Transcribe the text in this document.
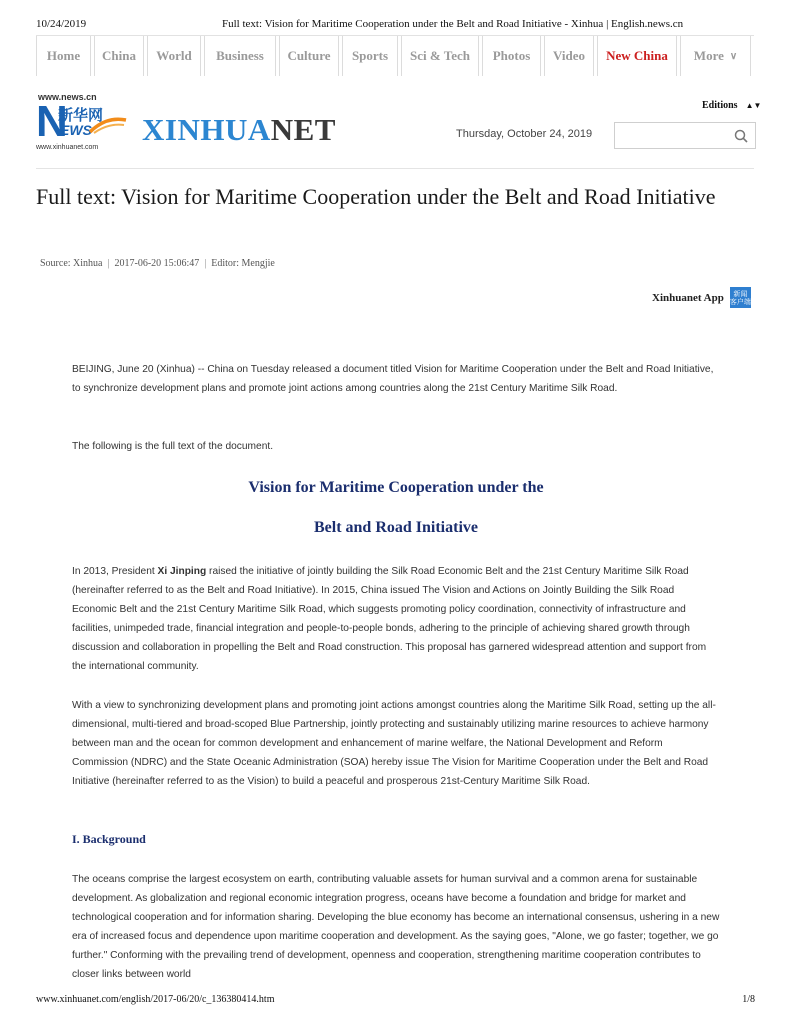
10/24/2019	Full text: Vision for Maritime Cooperation under the Belt and Road Initiative - Xinhua | English.news.cn
Home	China	World	Business	Culture	Sports	Sci & Tech	Photos	Video	New China	More ∨
www.news.cn
N
新华网
EWS
www.xinhuanet.com
XINHUANET	Thursday, October 24, 2019
Editions ▲▼
Full text: Vision for Maritime Cooperation under the Belt and Road Initiative
Source: Xinhua | 2017-06-20 15:06:47 | Editor: Mengjie
Xinhuanet App 新闻
客户端

BEIJING, June 20 (Xinhua) -- China on Tuesday released a document titled Vision for Maritime Cooperation under the Belt and Road Initiative, to synchronize development plans and promote joint actions among countries along the 21st Century Maritime Silk Road.

The following is the full text of the document.

Vision for Maritime Cooperation under the
Belt and Road Initiative

In 2013, President Xi Jinping raised the initiative of jointly building the Silk Road Economic Belt and the 21st Century Maritime Silk Road (hereinafter referred to as the Belt and Road Initiative). In 2015, China issued The Vision and Actions on Jointly Building the Silk Road Economic Belt and the 21st Century Maritime Silk Road, which suggests promoting policy coordination, connectivity of infrastructure and facilities, unimpeded trade, financial integration and people-to-people bonds, adhering to the principle of achieving shared growth through discussion and collaboration in propelling the Belt and Road construction. This proposal has garnered widespread attention and support from the international community.

With a view to synchronizing development plans and promoting joint actions amongst countries along the Maritime Silk Road, setting up the all-dimensional, multi-tiered and broad-scoped Blue Partnership, jointly protecting and sustainably utilizing marine resources to achieve harmony between man and the ocean for common development and enhancement of marine welfare, the National Development and Reform Commission (NDRC) and the State Oceanic Administration (SOA) hereby issue The Vision for Maritime Cooperation under the Belt and Road Initiative (hereinafter referred to as the Vision) to build a peaceful and prosperous 21st-Century Maritime Silk Road.

I. Background

The oceans comprise the largest ecosystem on earth, contributing valuable assets for human survival and a common arena for sustainable development. As globalization and regional economic integration progress, oceans have become a foundation and bridge for market and technological cooperation and for information sharing. Developing the blue economy has become an international consensus, ushering in a new era of increased focus and dependence upon maritime cooperation and development. As the saying goes, "Alone, we go faster; together, we go further." Conforming with the prevailing trend of development, openness and cooperation, strengthening maritime cooperation contributes to closer links between world

www.xinhuanet.com/english/2017-06/20/c_136380414.htm	1/8
